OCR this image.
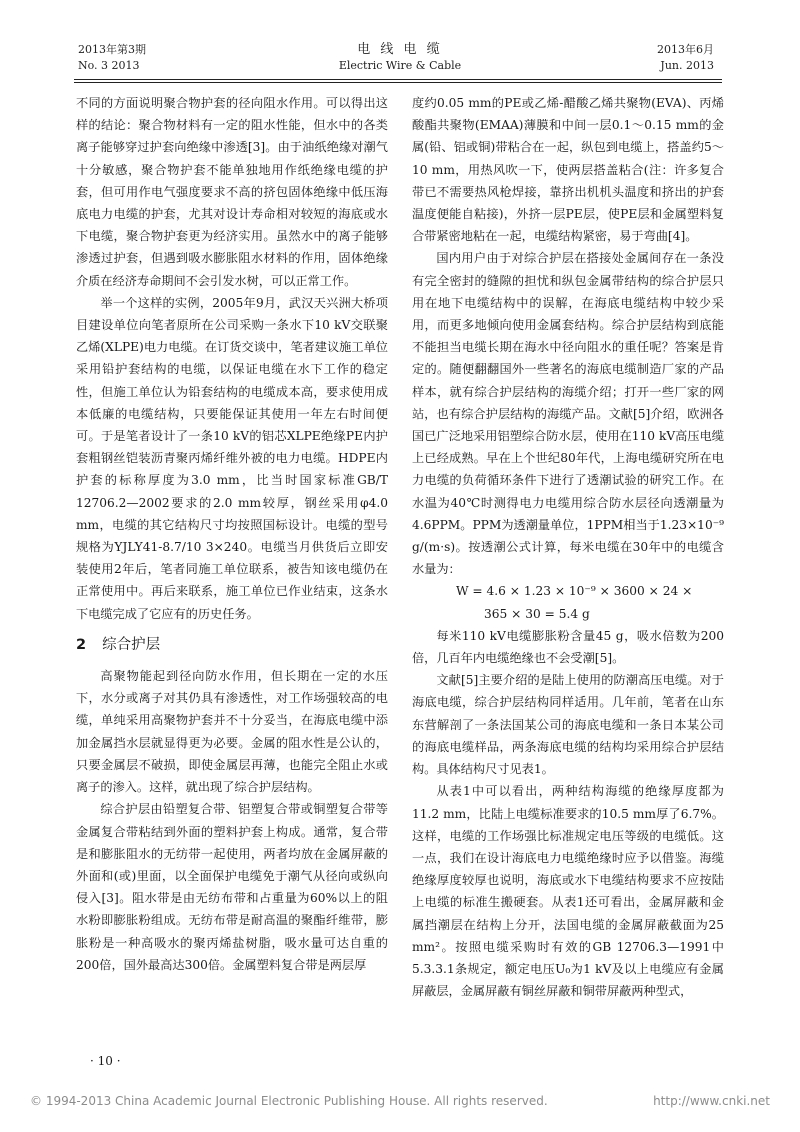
2013年第3期
No. 3 2013
电 线 电 缆
Electric Wire & Cable
2013年6月
Jun. 2013

不同的方面说明聚合物护套的径向阻水作用。可以得出这样的结论：聚合物材料有一定的阻水性能，但水中的各类离子能够穿过护套向绝缘中渗透[3]。由于油纸绝缘对潮气十分敏感，聚合物护套不能单独地用作纸绝缘电缆的护套，但可用作电气强度要求不高的挤包固体绝缘中低压海底电力电缆的护套，尤其对设计寿命相对较短的海底或水下电缆，聚合物护套更为经济实用。虽然水中的离子能够渗透过护套，但遇到吸水膨胀阻水材料的作用，固体绝缘介质在经济寿命期间不会引发水树，可以正常工作。

举一个这样的实例，2005年9月，武汉天兴洲大桥项目建设单位向笔者原所在公司采购一条水下10 kV交联聚乙烯(XLPE)电力电缆。在订货交谈中，笔者建议施工单位采用铅护套结构的电缆，以保证电缆在水下工作的稳定性，但施工单位认为铅套结构的电缆成本高，要求使用成本低廉的电缆结构，只要能保证其使用一年左右时间便可。于是笔者设计了一条10 kV的铝芯XLPE绝缘PE内护套粗钢丝铠装沥青聚丙烯纤维外被的电力电缆。HDPE内护套的标称厚度为3.0 mm，比当时国家标准GB/T 12706.2—2002要求的2.0 mm较厚，钢丝采用φ4.0 mm，电缆的其它结构尺寸均按照国标设计。电缆的型号规格为YJLY41-8.7/10 3×240。电缆当月供货后立即安装使用2年后，笔者同施工单位联系，被告知该电缆仍在正常使用中。再后来联系，施工单位已作业结束，这条水下电缆完成了它应有的历史任务。

2 综合护层

高聚物能起到径向防水作用，但长期在一定的水压下，水分或离子对其仍具有渗透性，对工作场强较高的电缆，单纯采用高聚物护套并不十分妥当，在海底电缆中添加金属挡水层就显得更为必要。金属的阻水性是公认的，只要金属层不破损，即使金属层再薄，也能完全阻止水或离子的渗入。这样，就出现了综合护层结构。

综合护层由铅塑复合带、铝塑复合带或铜塑复合带等金属复合带粘结到外面的塑料护套上构成。通常，复合带是和膨胀阻水的无纺带一起使用，两者均放在金属屏蔽的外面和(或)里面，以全面保护电缆免于潮气从径向或纵向侵入[3]。阻水带是由无纺布带和占重量为60%以上的阻水粉即膨胀粉组成。无纺布带是耐高温的聚酯纤维带，膨胀粉是一种高吸水的聚丙烯盐树脂，吸水量可达自重的200倍，国外最高达300倍。金属塑料复合带是两层厚

度约0.05 mm的PE或乙烯-醋酸乙烯共聚物(EVA)、丙烯酸酯共聚物(EMAA)薄膜和中间一层0.1～0.15 mm的金属(铅、铝或铜)带粘合在一起，纵包到电缆上，搭盖约5～10 mm，用热风吹一下，使两层搭盖粘合(注：许多复合带已不需要热风枪焊接，靠挤出机机头温度和挤出的护套温度便能自粘接)，外挤一层PE层，使PE层和金属塑料复合带紧密地粘在一起，电缆结构紧密，易于弯曲[4]。

国内用户由于对综合护层在搭接处金属间存在一条没有完全密封的缝隙的担忧和纵包金属带结构的综合护层只用在地下电缆结构中的误解，在海底电缆结构中较少采用，而更多地倾向使用金属套结构。综合护层结构到底能不能担当电缆长期在海水中径向阻水的重任呢？答案是肯定的。随便翻翻国外一些著名的海底电缆制造厂家的产品样本，就有综合护层结构的海缆介绍；打开一些厂家的网站，也有综合护层结构的海缆产品。文献[5]介绍，欧洲各国已广泛地采用铝塑综合防水层，使用在110 kV高压电缆上已经成熟。早在上个世纪80年代，上海电缆研究所在电力电缆的负荷循环条件下进行了透潮试验的研究工作。在水温为40℃时测得电力电缆用综合防水层径向透潮量为4.6PPM。PPM为透潮量单位，1PPM相当于1.23×10⁻⁹ g/(m·s)。按透潮公式计算，每米电缆在30年中的电缆含水量为：

W = 4.6 × 1.23 × 10⁻⁹ × 3600 × 24 ×

365 × 30 = 5.4 g

每米110 kV电缆膨胀粉含量45 g，吸水倍数为200倍，几百年内电缆绝缘也不会受潮[5]。

文献[5]主要介绍的是陆上使用的防潮高压电缆。对于海底电缆，综合护层结构同样适用。几年前，笔者在山东东营解剖了一条法国某公司的海底电缆和一条日本某公司的海底电缆样品，两条海底电缆的结构均采用综合护层结构。具体结构尺寸见表1。

从表1中可以看出，两种结构海缆的绝缘厚度都为11.2 mm，比陆上电缆标准要求的10.5 mm厚了6.7%。这样，电缆的工作场强比标准规定电压等级的电缆低。这一点，我们在设计海底电力电缆绝缘时应予以借鉴。海缆绝缘厚度较厚也说明，海底或水下电缆结构要求不应按陆上电缆的标准生搬硬套。从表1还可看出，金属屏蔽和金属挡潮层在结构上分开，法国电缆的金属屏蔽截面为25 mm²。按照电缆采购时有效的GB 12706.3—1991中5.3.3.1条规定，额定电压U₀为1 kV及以上电缆应有金属屏蔽层，金属屏蔽有铜丝屏蔽和铜带屏蔽两种型式，

· 10 ·
© 1994-2013 China Academic Journal Electronic Publishing House. All rights reserved.	http://www.cnki.net
